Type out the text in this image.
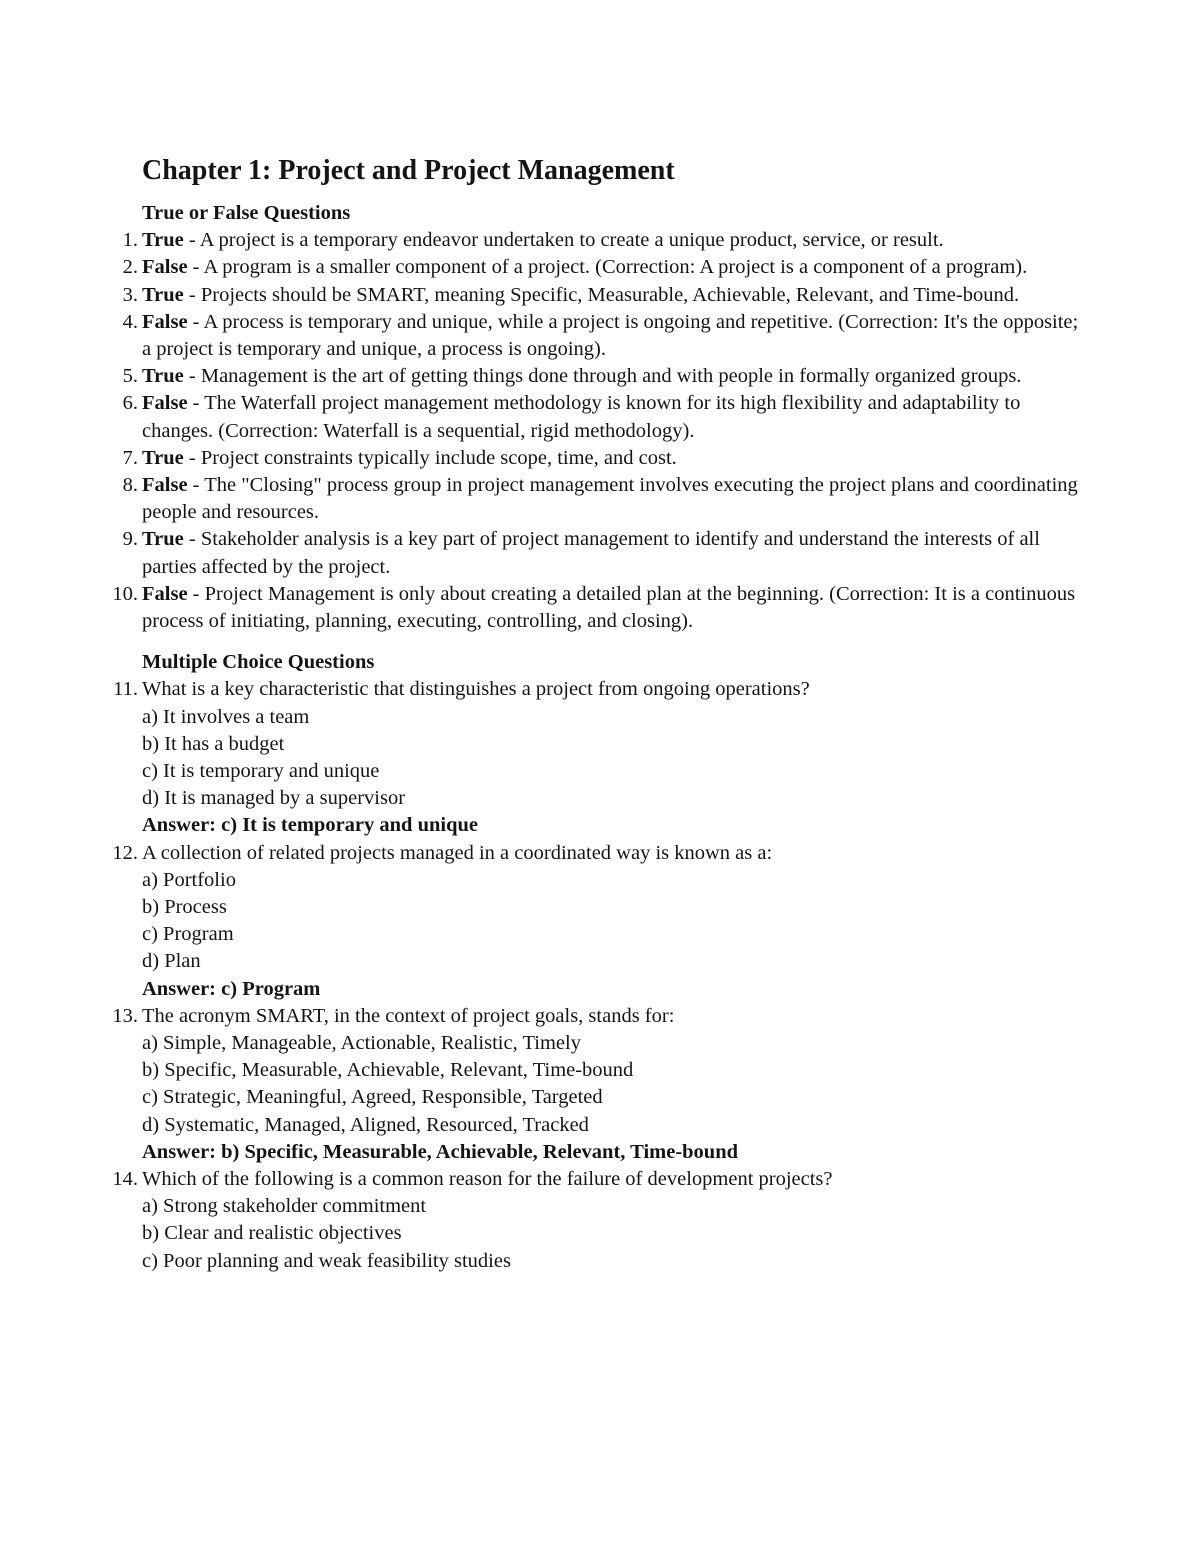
Chapter 1: Project and Project Management
True or False Questions
1. True - A project is a temporary endeavor undertaken to create a unique product, service, or result.
2. False - A program is a smaller component of a project. (Correction: A project is a component of a program).
3. True - Projects should be SMART, meaning Specific, Measurable, Achievable, Relevant, and Time-bound.
4. False - A process is temporary and unique, while a project is ongoing and repetitive. (Correction: It's the opposite; a project is temporary and unique, a process is ongoing).
5. True - Management is the art of getting things done through and with people in formally organized groups.
6. False - The Waterfall project management methodology is known for its high flexibility and adaptability to changes. (Correction: Waterfall is a sequential, rigid methodology).
7. True - Project constraints typically include scope, time, and cost.
8. False - The "Closing" process group in project management involves executing the project plans and coordinating people and resources.
9. True - Stakeholder analysis is a key part of project management to identify and understand the interests of all parties affected by the project.
10. False - Project Management is only about creating a detailed plan at the beginning. (Correction: It is a continuous process of initiating, planning, executing, controlling, and closing).
Multiple Choice Questions
11. What is a key characteristic that distinguishes a project from ongoing operations?
a) It involves a team
b) It has a budget
c) It is temporary and unique
d) It is managed by a supervisor
Answer: c) It is temporary and unique
12. A collection of related projects managed in a coordinated way is known as a:
a) Portfolio
b) Process
c) Program
d) Plan
Answer: c) Program
13. The acronym SMART, in the context of project goals, stands for:
a) Simple, Manageable, Actionable, Realistic, Timely
b) Specific, Measurable, Achievable, Relevant, Time-bound
c) Strategic, Meaningful, Agreed, Responsible, Targeted
d) Systematic, Managed, Aligned, Resourced, Tracked
Answer: b) Specific, Measurable, Achievable, Relevant, Time-bound
14. Which of the following is a common reason for the failure of development projects?
a) Strong stakeholder commitment
b) Clear and realistic objectives
c) Poor planning and weak feasibility studies
